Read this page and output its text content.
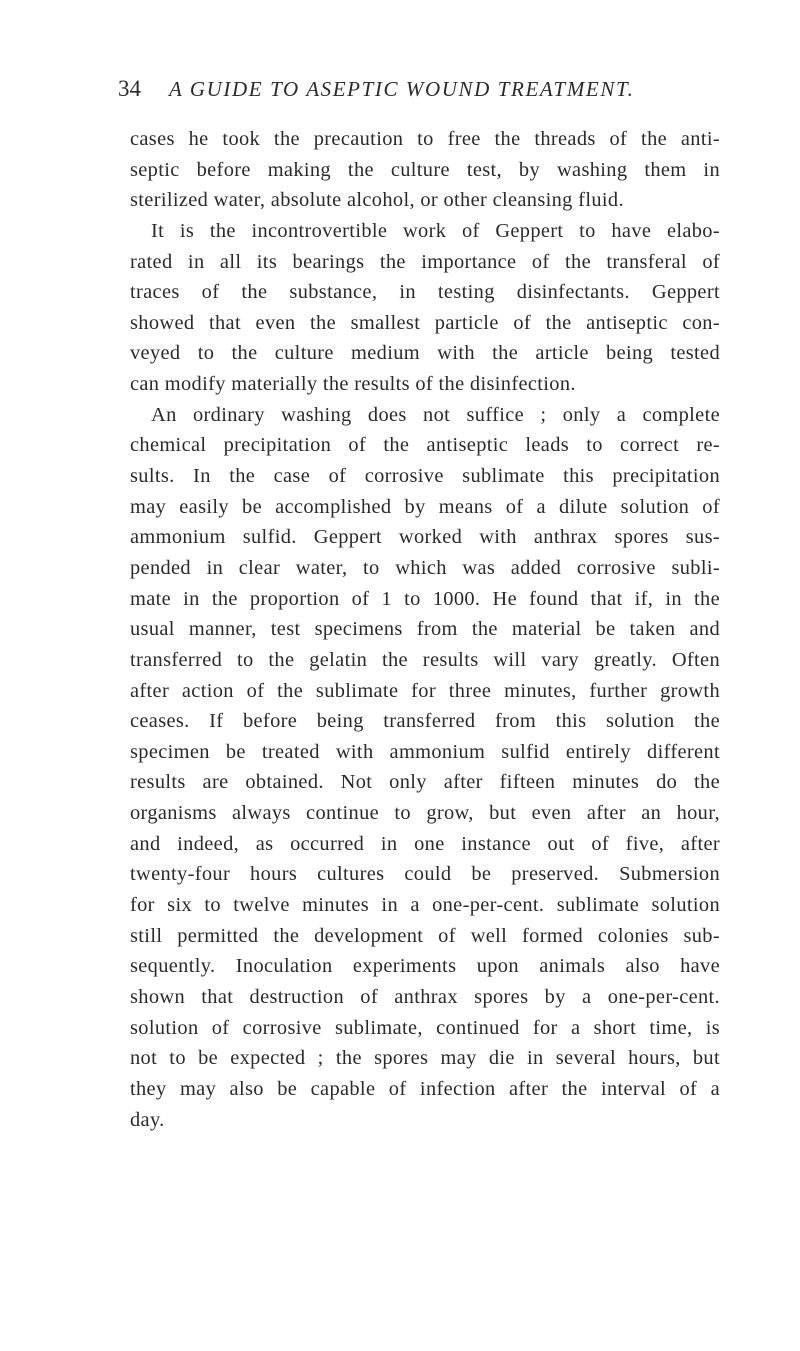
34 A GUIDE TO ASEPTIC WOUND TREATMENT.
cases he took the precaution to free the threads of the anti-
septic before making the culture test, by washing them in
sterilized water, absolute alcohol, or other cleansing fluid.
It is the incontrovertible work of Geppert to have elabo-
rated in all its bearings the importance of the transferal of
traces of the substance, in testing disinfectants. Geppert
showed that even the smallest particle of the antiseptic con-
veyed to the culture medium with the article being tested
can modify materially the results of the disinfection.
An ordinary washing does not suffice ; only a complete
chemical precipitation of the antiseptic leads to correct re-
sults. In the case of corrosive sublimate this precipitation
may easily be accomplished by means of a dilute solution of
ammonium sulfid. Geppert worked with anthrax spores sus-
pended in clear water, to which was added corrosive subli-
mate in the proportion of 1 to 1000. He found that if, in the
usual manner, test specimens from the material be taken and
transferred to the gelatin the results will vary greatly. Often
after action of the sublimate for three minutes, further growth
ceases. If before being transferred from this solution the
specimen be treated with ammonium sulfid entirely different
results are obtained. Not only after fifteen minutes do the
organisms always continue to grow, but even after an hour,
and indeed, as occurred in one instance out of five, after
twenty-four hours cultures could be preserved. Submersion
for six to twelve minutes in a one-per-cent. sublimate solution
still permitted the development of well formed colonies sub-
sequently. Inoculation experiments upon animals also have
shown that destruction of anthrax spores by a one-per-cent.
solution of corrosive sublimate, continued for a short time, is
not to be expected ; the spores may die in several hours, but
they may also be capable of infection after the interval of a
day.
